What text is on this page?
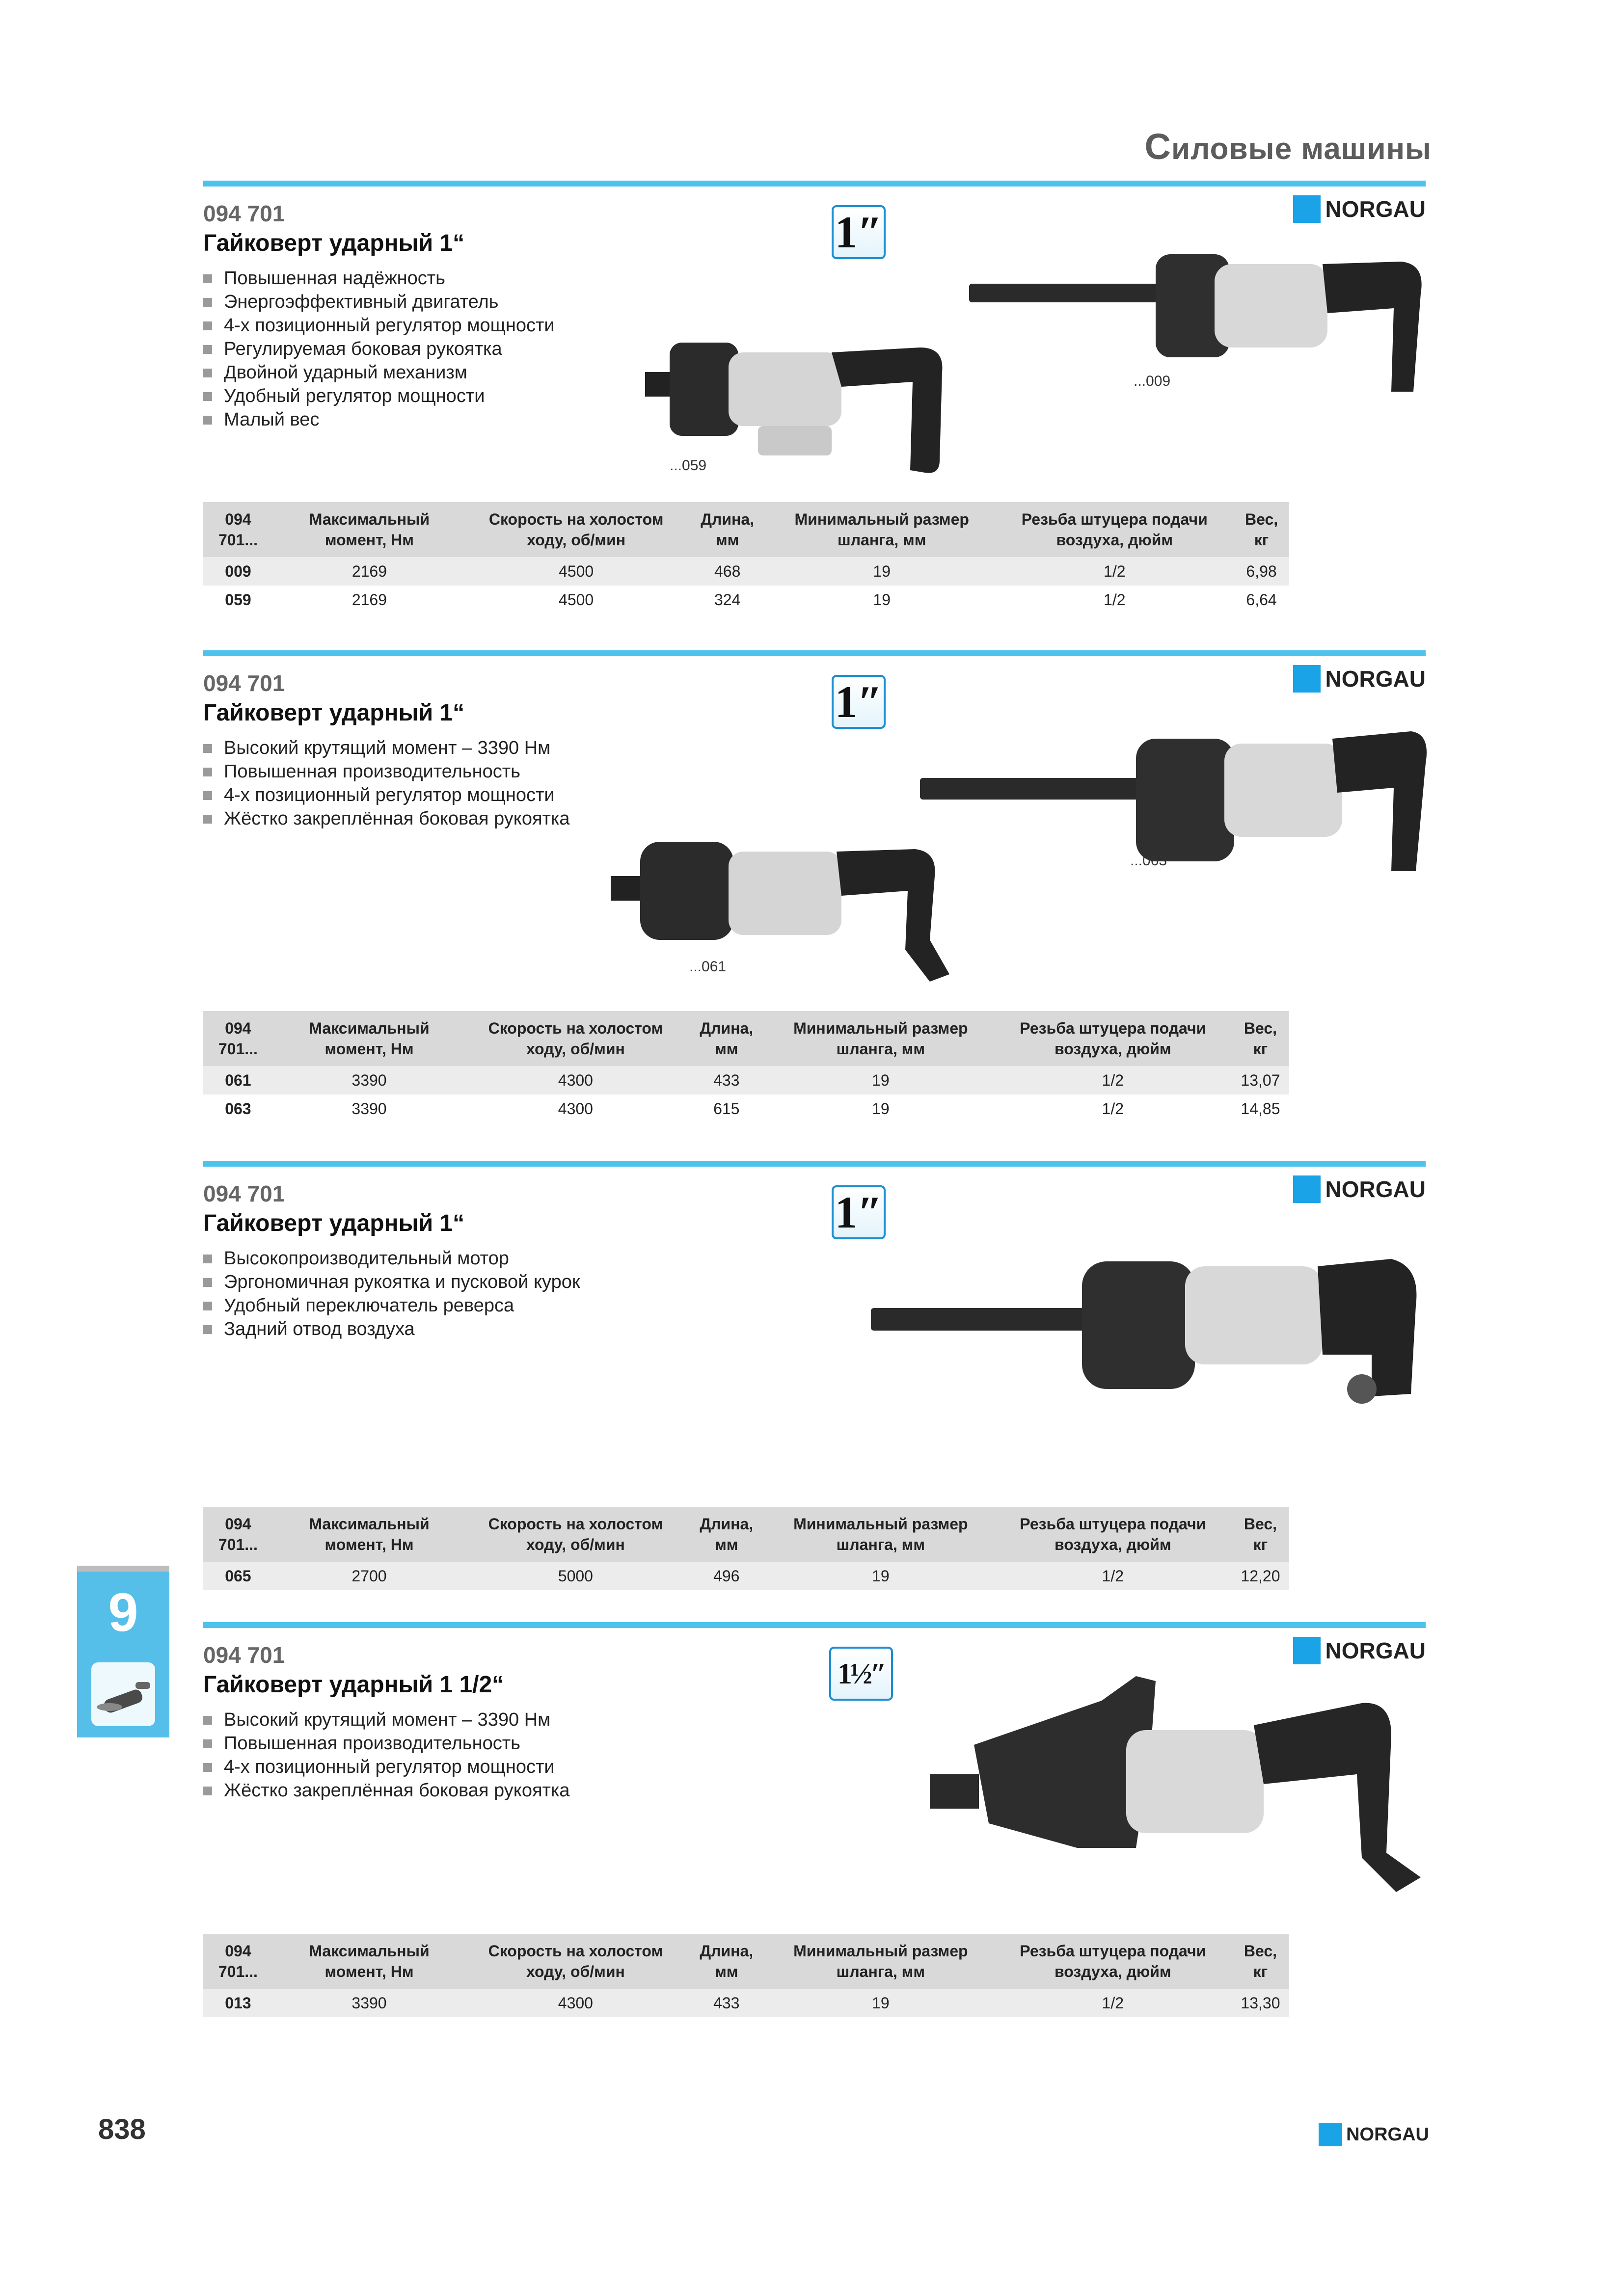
Силовые машины
094 701
Гайковерт ударный 1“
Повышенная надёжность
Энергоэффективный двигатель
4-х позиционный регулятор мощности
Регулируемая боковая рукоятка
Двойной ударный механизм
Удобный регулятор мощности
Малый вес
1″	NORGAU
...059
...009
094 701...	Максимальный момент, Нм	Скорость на холостом ходу, об/мин	Длина, мм	Минимальный размер шланга, мм	Резьба штуцера подачи воздуха, дюйм	Вес, кг
009	2169	4500	468	19	1/2	6,98
059	2169	4500	324	19	1/2	6,64
094 701
Гайковерт ударный 1“
Высокий крутящий момент – 3390 Нм
Повышенная производительность
4-х позиционный регулятор мощности
Жёстко закреплённая боковая рукоятка
1″	NORGAU
...061
...063
094 701...	Максимальный момент, Нм	Скорость на холостом ходу, об/мин	Длина, мм	Минимальный размер шланга, мм	Резьба штуцера подачи воздуха, дюйм	Вес, кг
061	3390	4300	433	19	1/2	13,07
063	3390	4300	615	19	1/2	14,85
094 701
Гайковерт ударный 1“
Высокопроизводительный мотор
Эргономичная рукоятка и пусковой курок
Удобный переключатель реверса
Задний отвод воздуха
1″	NORGAU
094 701...	Максимальный момент, Нм	Скорость на холостом ходу, об/мин	Длина, мм	Минимальный размер шланга, мм	Резьба штуцера подачи воздуха, дюйм	Вес, кг
065	2700	5000	496	19	1/2	12,20
094 701
Гайковерт ударный 1 1/2“
Высокий крутящий момент – 3390 Нм
Повышенная производительность
4-х позиционный регулятор мощности
Жёстко закреплённая боковая рукоятка
1½″
NORGAU
094 701...	Максимальный момент, Нм	Скорость на холостом ходу, об/мин	Длина, мм	Минимальный размер шланга, мм	Резьба штуцера подачи воздуха, дюйм	Вес, кг
013	3390	4300	433	19	1/2	13,30
9
838	NORGAU
